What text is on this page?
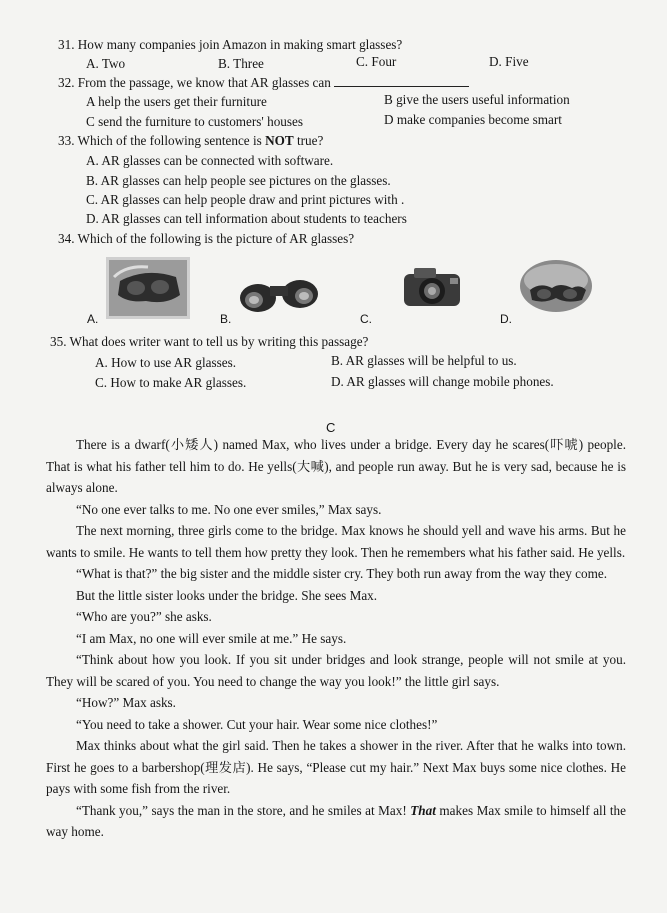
31. How many companies join Amazon in making smart glasses?
A. Two	B. Three	C. Four	D. Five
32. From the passage, we know that AR glasses can
A help the users get their furniture	B give the users useful information
C send the furniture to customers' houses	D make companies become smart
33. Which of the following sentence is NOT true?
A. AR glasses can be connected with software.
B. AR glasses can help people see pictures on the glasses.
C. AR glasses can help people draw and print pictures with .
D. AR glasses can tell information about students to teachers
34. Which of the following is the picture of AR glasses?
A.	B.	C.	D.
35. What does writer want to tell us by writing this passage?
A. How to use AR glasses.	B. AR glasses will be helpful to us.
C. How to make AR glasses.	D. AR glasses will change mobile phones.
C
There is a dwarf(小矮人) named Max, who lives under a bridge. Every day he scares(吓唬) people. That is what his father tell him to do. He yells(大喊), and people run away. But he is very sad, because he is always alone.
“No one ever talks to me. No one ever smiles,” Max says.
The next morning, three girls come to the bridge. Max knows he should yell and wave his arms. But he wants to smile. He wants to tell them how pretty they look. Then he remembers what his father said. He yells.
“What is that?” the big sister and the middle sister cry. They both run away from the way they come.
But the little sister looks under the bridge. She sees Max.
“Who are you?” she asks.
“I am Max, no one will ever smile at me.” He says.
“Think about how you look. If you sit under bridges and look strange, people will not smile at you. They will be scared of you. You need to change the way you look!” the little girl says.
“How?” Max asks.
“You need to take a shower. Cut your hair. Wear some nice clothes!”
Max thinks about what the girl said. Then he takes a shower in the river. After that he walks into town. First he goes to a barbershop(理发店). He says, “Please cut my hair.” Next Max buys some nice clothes. He pays with some fish from the river.
“Thank you,” says the man in the store, and he smiles at Max! That makes Max smile to himself all the way home.
